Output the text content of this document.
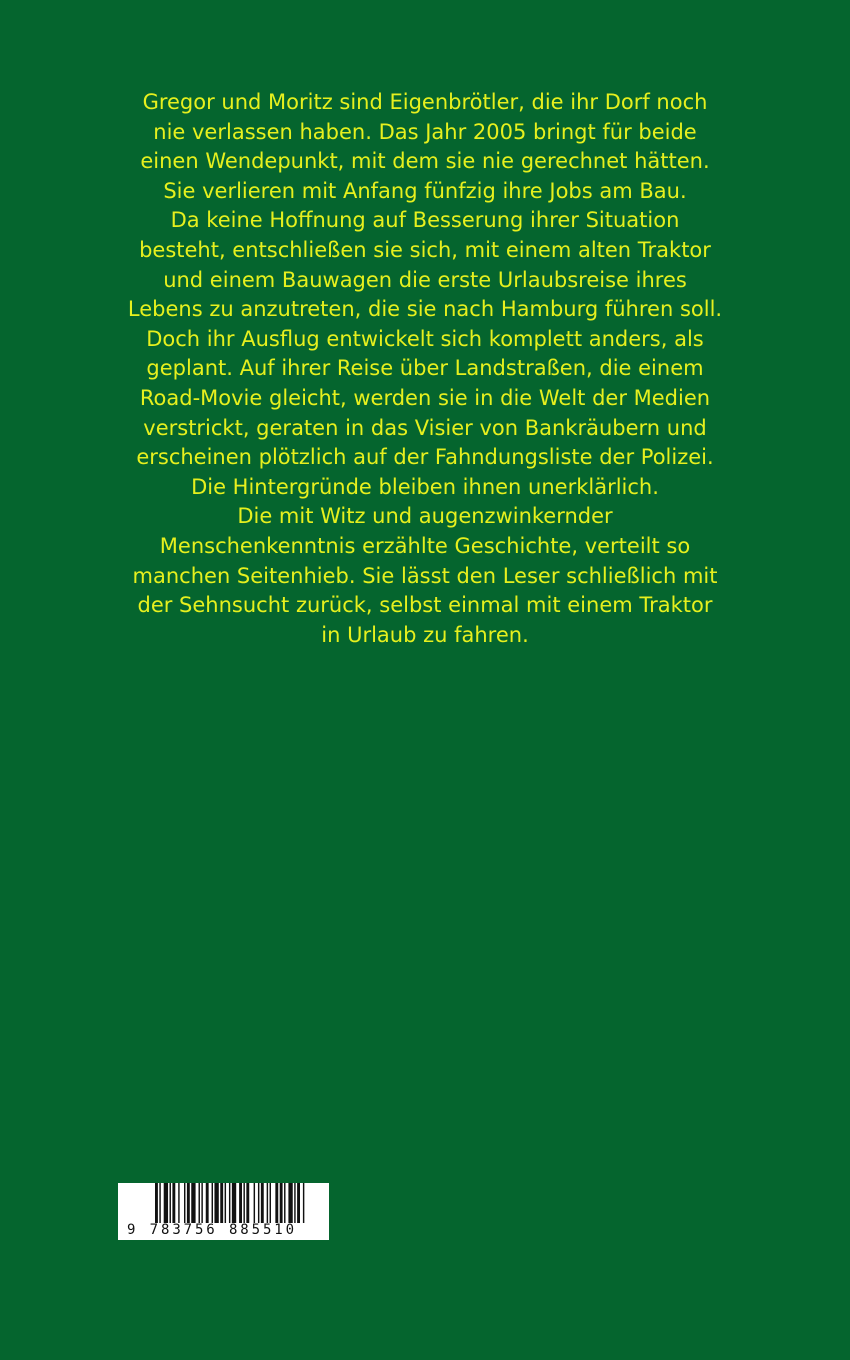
Gregor und Moritz sind Eigenbrötler, die ihr Dorf noch
nie verlassen haben. Das Jahr 2005 bringt für beide
einen Wendepunkt, mit dem sie nie gerechnet hätten.
Sie verlieren mit Anfang fünfzig ihre Jobs am Bau.
Da keine Hoffnung auf Besserung ihrer Situation
besteht, entschließen sie sich, mit einem alten Traktor
und einem Bauwagen die erste Urlaubsreise ihres
Lebens zu anzutreten, die sie nach Hamburg führen soll.
Doch ihr Ausflug entwickelt sich komplett anders, als
geplant. Auf ihrer Reise über Landstraßen, die einem
Road-Movie gleicht, werden sie in die Welt der Medien
verstrickt, geraten in das Visier von Bankräubern und
erscheinen plötzlich auf der Fahndungsliste der Polizei.
Die Hintergründe bleiben ihnen unerklärlich.
Die mit Witz und augenzwinkernder
Menschenkenntnis erzählte Geschichte, verteilt so
manchen Seitenhieb. Sie lässt den Leser schließlich mit
der Sehnsucht zurück, selbst einmal mit einem Traktor
in Urlaub zu fahren.
9 783756 885510
